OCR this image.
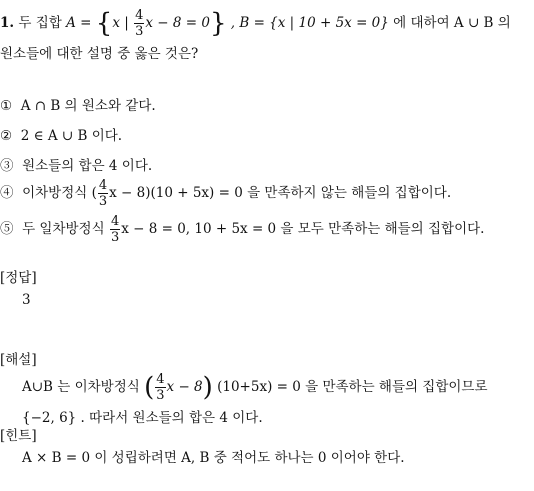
1. 두 집합 A = {x | $\frac{4}{3}$ x − 8 = 0} , B = {x | 10 + 5x = 0} 에 대하여 A ∪ B 의
원소들에 대한 설명 중 옳은 것은?
① A ∩ B 의 원소와 같다.
② 2 ∈ A ∪ B 이다.
③ 원소들의 합은 4 이다.
④ 이차방정식 ( $\frac{4}{3}$ x − 8)(10 + 5x) = 0 을 만족하지 않는 해들의 집합이다.
⑤ 두 일차방정식 $\frac{4}{3}$ x − 8 = 0, 10 + 5x = 0 을 모두 만족하는 해들의 집합이다.
[정답]
3
[해설]
A∪B 는 이차방정식 ( $\frac{4}{3}$ x − 8) (10+5x) = 0 을 만족하는 해들의 집합이므로
{−2, 6} . 따라서 원소들의 합은 4 이다.
[힌트]
A × B = 0 이 성립하려면 A, B 중 적어도 하나는 0 이어야 한다.
